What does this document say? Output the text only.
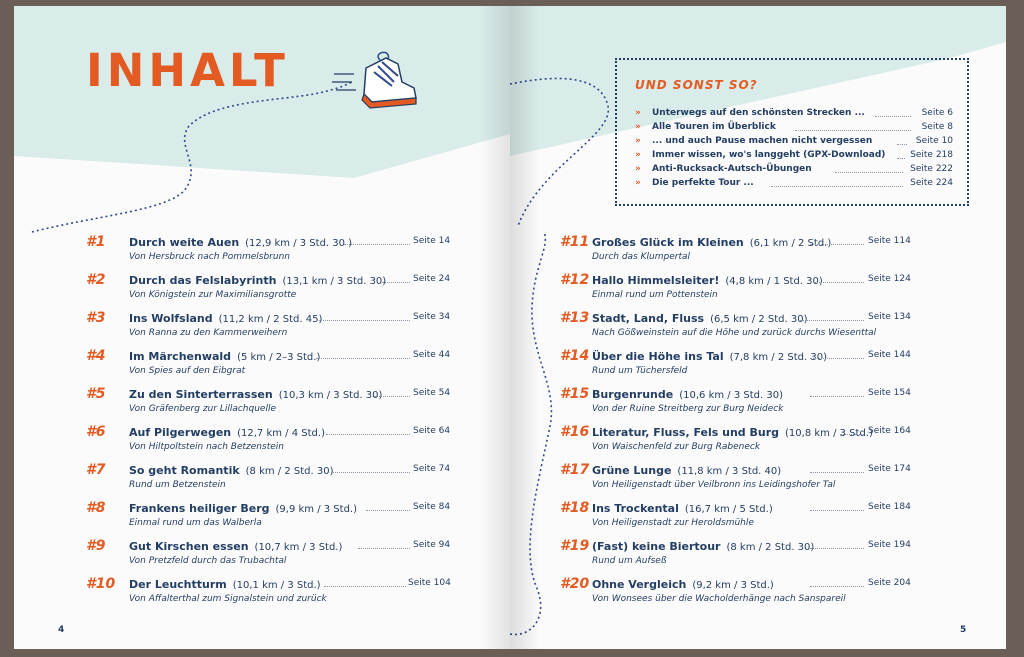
INHALT
#1 Durch weite Auen (12,9 km / 3 Std. 30 )
Von Hersbruck nach Pommelsbrunn
Seite 14
#2 Durch das Felslabyrinth (13,1 km / 3 Std. 30)
Von Königstein zur Maximiliansgrotte
Seite 24
#3 Ins Wolfsland (11,2 km / 2 Std. 45)
Von Ranna zu den Kammerweihern
Seite 34
#4 Im Märchenwald (5 km / 2–3 Std.)
Von Spies auf den Eibgrat
Seite 44
#5 Zu den Sinterterrassen (10,3 km / 3 Std. 30)
Von Gräfenberg zur Lillachquelle
Seite 54
#6 Auf Pilgerwegen (12,7 km / 4 Std.)
Von Hiltpoltstein nach Betzenstein
Seite 64
#7 So geht Romantik (8 km / 2 Std. 30)
Rund um Betzenstein
Seite 74
#8 Frankens heiliger Berg (9,9 km / 3 Std.)
Einmal rund um das Walberla
Seite 84
#9 Gut Kirschen essen (10,7 km / 3 Std.)
Von Pretzfeld durch das Trubachtal
Seite 94
#10 Der Leuchtturm (10,1 km / 3 Std.)
Von Affalterthal zum Signalstein und zurück
Seite 104
4
UND SONST SO?
» Unterwegs auf den schönsten Strecken ...	Seite 6
» Alle Touren im Überblick	Seite 8
» ... und auch Pause machen nicht vergessen	Seite 10
» Immer wissen, wo's langgeht (GPX-Download)	Seite 218
» Anti-Rucksack-Autsch-Übungen	Seite 222
» Die perfekte Tour ...	Seite 224
#11 Großes Glück im Kleinen (6,1 km / 2 Std.)
Durch das Klumpertal
Seite 114
#12 Hallo Himmelsleiter! (4,8 km / 1 Std. 30)
Einmal rund um Pottenstein
Seite 124
#13 Stadt, Land, Fluss (6,5 km / 2 Std. 30)
Nach Gößweinstein auf die Höhe und zurück durchs Wiesenttal
Seite 134
#14 Über die Höhe ins Tal (7,8 km / 2 Std. 30)
Rund um Tüchersfeld
Seite 144
#15 Burgenrunde (10,6 km / 3 Std. 30)
Von der Ruine Streitberg zur Burg Neideck
Seite 154
#16 Literatur, Fluss, Fels und Burg (10,8 km / 3 Std.)
Von Waischenfeld zur Burg Rabeneck
Seite 164
#17 Grüne Lunge (11,8 km / 3 Std. 40)
Von Heiligenstadt über Veilbronn ins Leidingshofer Tal
Seite 174
#18 Ins Trockental (16,7 km / 5 Std.)
Von Heiligenstadt zur Heroldsmühle
Seite 184
#19 (Fast) keine Biertour (8 km / 2 Std. 30)
Rund um Aufseß
Seite 194
#20 Ohne Vergleich (9,2 km / 3 Std.)
Von Wonsees über die Wacholderhänge nach Sanspareil
Seite 204
5
